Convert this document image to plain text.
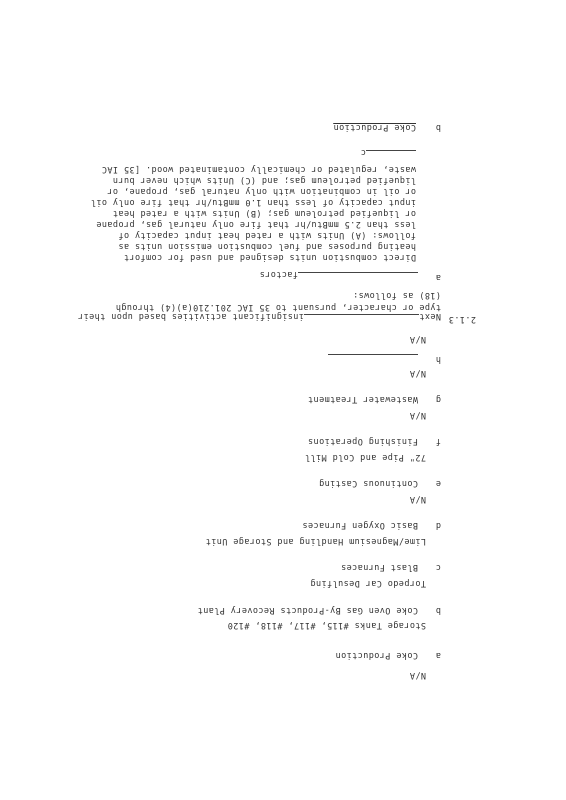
N/A
a
Coke Production
Storage Tanks #115, #117, #118, #120
b
Coke Oven Gas By-Products Recovery Plant
Torpedo Car Desulfing
c
Blast Furnaces
Lime/Magnesium Handling and Storage Unit
d
Basic Oxygen Furnaces
N/A
e
Continuous Casting
72" Pipe and Cold Mill
f
Finishing Operations
N/A
g
Wastewater Treatment
N/A
h
N/A
2.1.3
Nextinsignificant activities based upon their
type or character, pursuant to 35 IAC 201.210(a)(4) through
(18) as follows:
a
factors
Direct combustion units designed and used for comfort
heating purposes and fuel combustion emission units as
follows: (A) Units with a rated heat input capacity of
less than 2.5 mmBtu/hr that fire only natural gas, propane
or liquefied petroleum gas; (B) Units with a rated heat
input capacity of less than 1.0 mmBtu/hr that fire only oil
or oil in combination with only natural gas, propane, or
liquefied petroleum gas; and (C) Units which never burn
waste, regulated or chemically contaminated wood. [35 IAC
c
b
Coke Production
